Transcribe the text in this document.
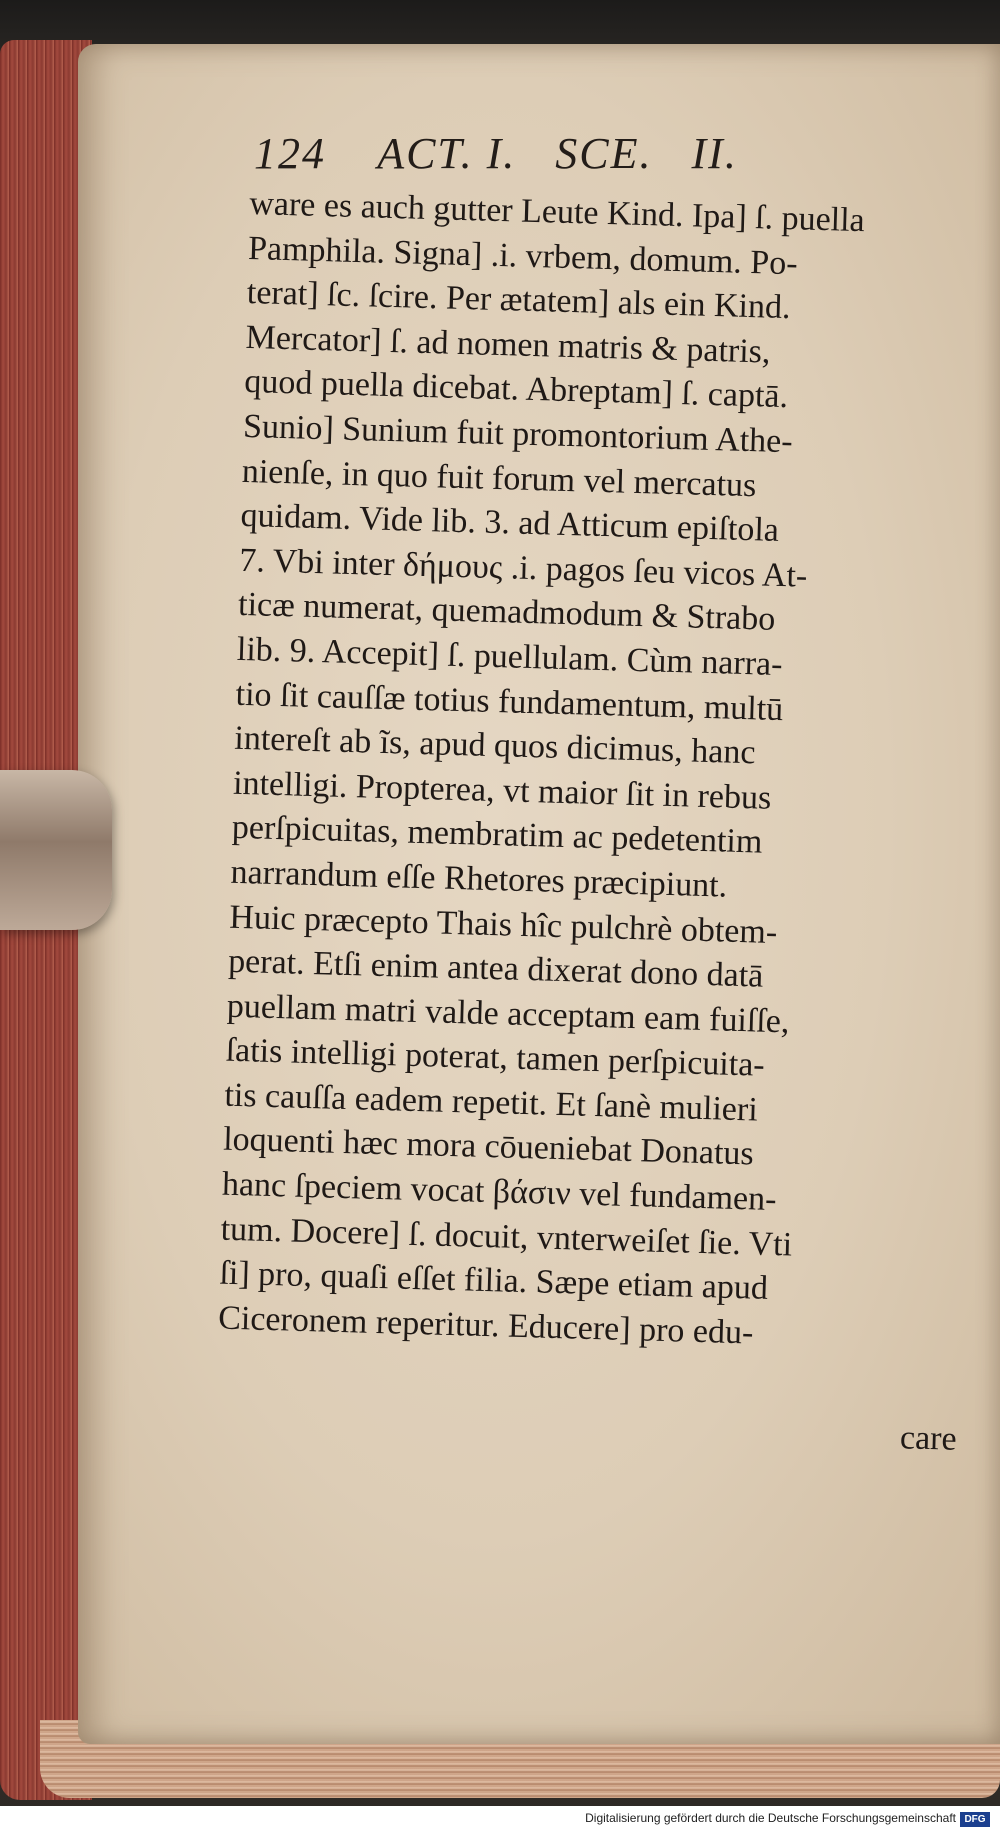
124    ACT. I.   SCE.   II.
ware es auch gutter Leute Kind. Ipa] ſ. puella
Pamphila. Signa] .i. vrbem, domum. Po-
terat] ſc. ſcire. Per ætatem] als ein Kind.
Mercator] ſ. ad nomen matris & patris,
quod puella dicebat. Abreptam] ſ. captā.
Sunio] Sunium fuit promontorium Athe-
nienſe, in quo fuit forum vel mercatus
quidam. Vide lib. 3. ad Atticum epiſtola
7. Vbi inter δήμους .i. pagos ſeu vicos At-
ticæ numerat, quemadmodum & Strabo
lib. 9. Accepit] ſ. puellulam. Cùm narra-
tio ſit cauſſæ totius fundamentum, multū
intereſt ab ĩs, apud quos dicimus, hanc
intelligi. Propterea, vt maior ſit in rebus
perſpicuitas, membratim ac pedetentim
narrandum eſſe Rhetores præcipiunt.
Huic præcepto Thais hîc pulchrè obtem-
perat. Etſi enim antea dixerat dono datā
puellam matri valde acceptam eam fuiſſe,
ſatis intelligi poterat, tamen perſpicuita-
tis cauſſa eadem repetit. Et ſanè mulieri
loquenti hæc mora cōueniebat Donatus
hanc ſpeciem vocat βάσιν vel fundamen-
tum. Docere] ſ. docuit, vnterweiſet ſie. Vti
ſi] pro, quaſi eſſet filia. Sæpe etiam apud
Ciceronem reperitur. Educere] pro edu-
care
Digitalisierung gefördert durch die Deutsche Forschungsgemeinschaft DFG
